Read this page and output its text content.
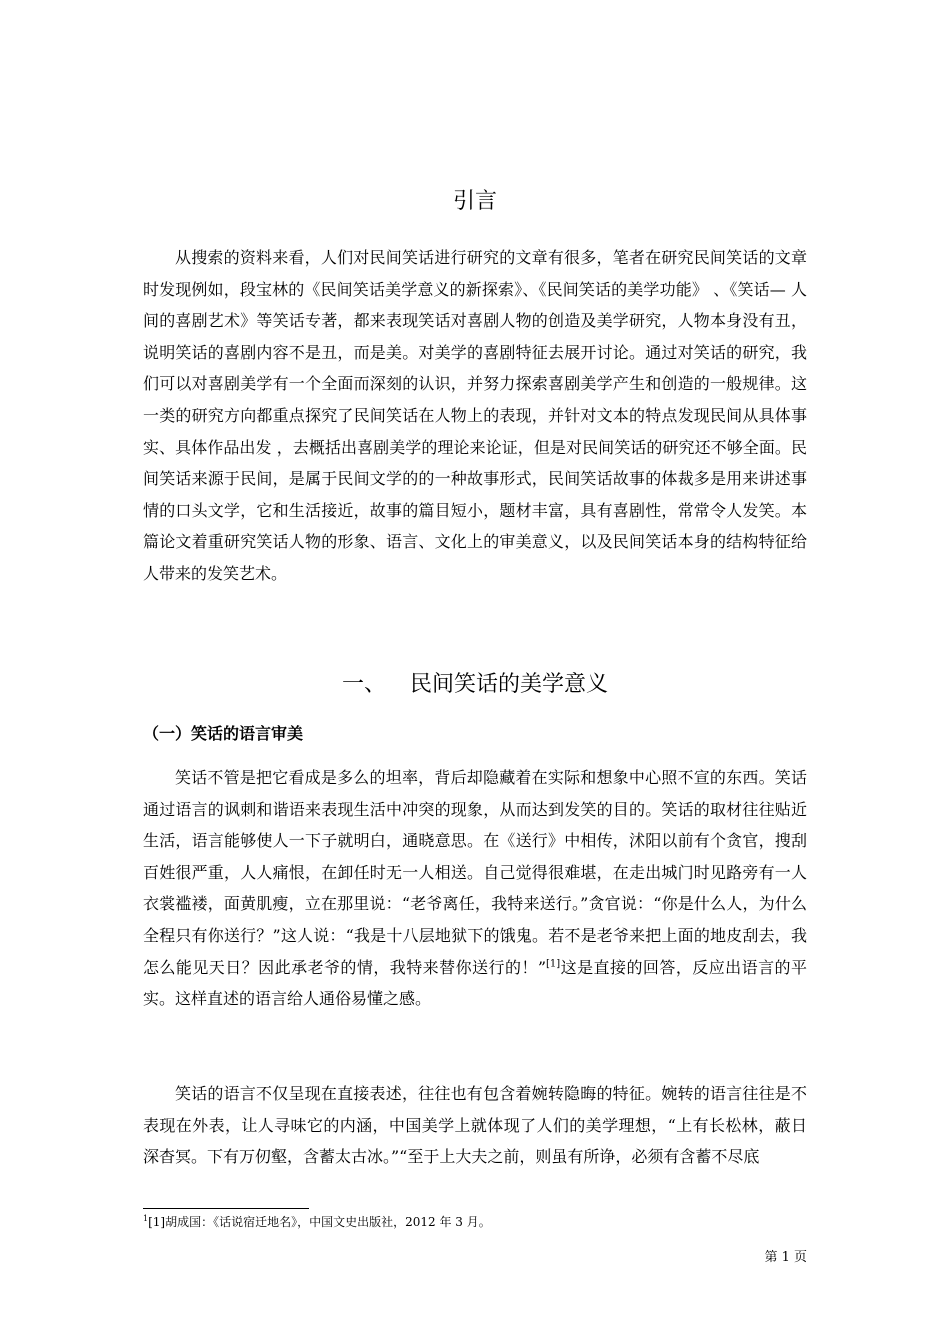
引言

从搜索的资料来看，人们对民间笑话进行研究的文章有很多，笔者在研究民间笑话的文章时发现例如，段宝林的《民间笑话美学意义的新探索》、《民间笑话的美学功能》 、《笑话— 人间的喜剧艺术》等笑话专著，都来表现笑话对喜剧人物的创造及美学研究，人物本身没有丑，说明笑话的喜剧内容不是丑，而是美。对美学的喜剧特征去展开讨论。通过对笑话的研究，我们可以对喜剧美学有一个全面而深刻的认识，并努力探索喜剧美学产生和创造的一般规律。这一类的研究方向都重点探究了民间笑话在人物上的表现，并针对文本的特点发现民间从具体事实、具体作品出发 ，去概括出喜剧美学的理论来论证，但是对民间笑话的研究还不够全面。民间笑话来源于民间，是属于民间文学的的一种故事形式，民间笑话故事的体裁多是用来讲述事情的口头文学，它和生活接近，故事的篇目短小，题材丰富，具有喜剧性，常常令人发笑。本篇论文着重研究笑话人物的形象、语言、文化上的审美意义，以及民间笑话本身的结构特征给人带来的发笑艺术。

一、 民间笑话的美学意义
（一）笑话的语言审美

笑话不管是把它看成是多么的坦率，背后却隐藏着在实际和想象中心照不宣的东西。笑话通过语言的讽刺和谐语来表现生活中冲突的现象，从而达到发笑的目的。笑话的取材往往贴近生活，语言能够使人一下子就明白，通晓意思。在《送行》中相传，沭阳以前有个贪官，搜刮百姓很严重，人人痛恨，在卸任时无一人相送。自己觉得很难堪，在走出城门时见路旁有一人衣裳褴褛，面黄肌瘦，立在那里说：“老爷离任，我特来送行。”贪官说：“你是什么人，为什么全程只有你送行？”这人说：“我是十八层地狱下的饿鬼。若不是老爷来把上面的地皮刮去，我怎么能见天日？因此承老爷的情，我特来替你送行的！”[1]这是直接的回答，反应出语言的平实。这样直述的语言给人通俗易懂之感。

笑话的语言不仅呈现在直接表述，往往也有包含着婉转隐晦的特征。婉转的语言往往是不表现在外表，让人寻味它的内涵，中国美学上就体现了人们的美学理想，“上有长松林，蔽日深杳冥。下有万仞壑，含蓄太古冰。”“至于上大夫之前，则虽有所诤，必须有含蓄不尽底

$^1$[1]胡成国：《话说宿迁地名》，中国文史出版社，2012 年 3 月。
第 1 页
